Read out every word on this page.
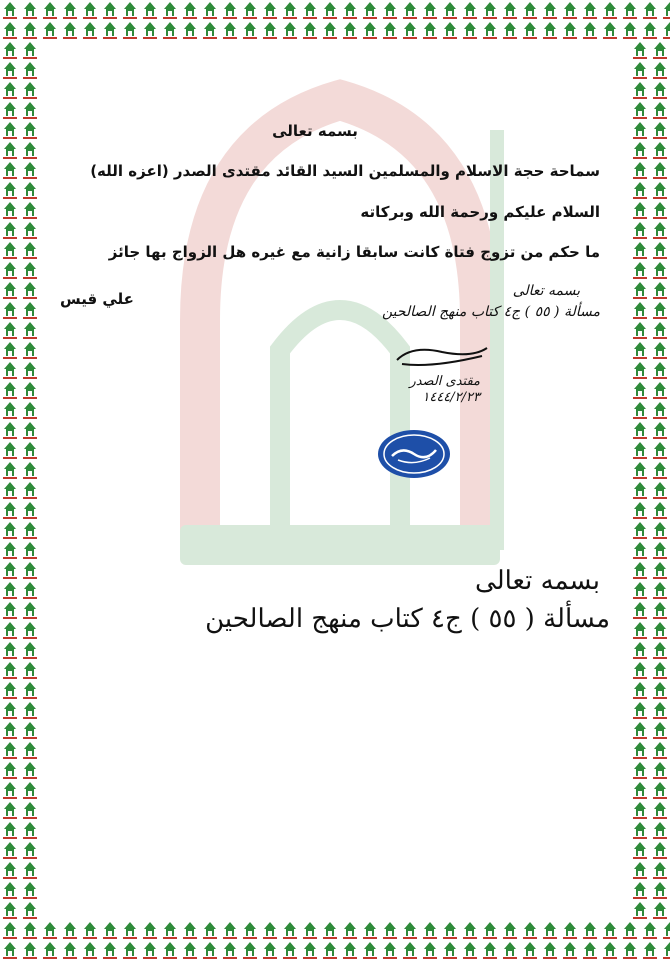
بسمه تعالى
سماحة حجة الاسلام والمسلمين السيد القائد مقتدى الصدر (اعزه الله)
السلام عليكم ورحمة الله وبركاته
ما حكم من تزوج فتاة كانت سابقا زانية مع غيره هل الزواج بها جائز
علي قيس	بسمه تعالى
مسألة ( ٥٥ ) ج٤ كتاب منهج الصالحين
مقتدى الصدر
١٤٤٤/٢/٢٣
بسمه تعالى
مسألة ( ٥٥ ) ج٤ كتاب منهج الصالحين
